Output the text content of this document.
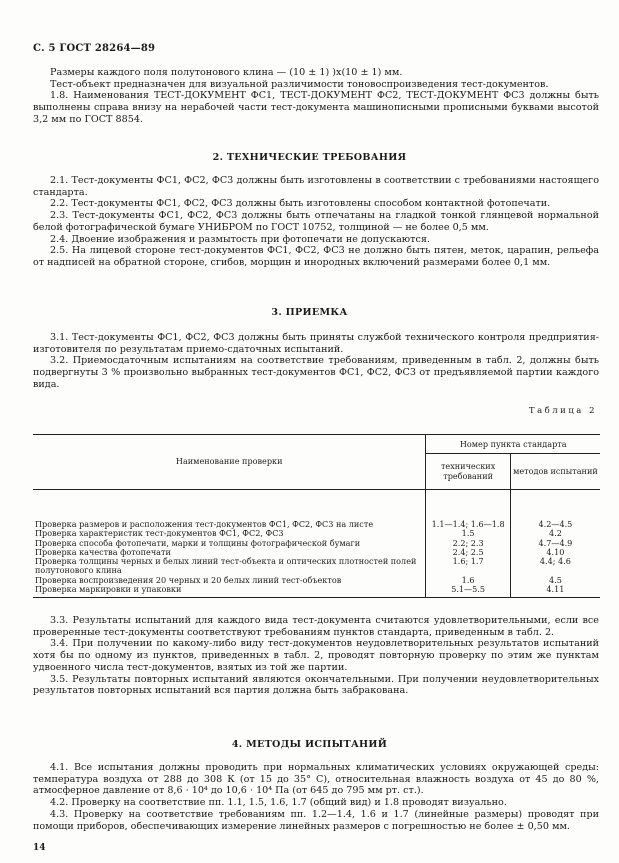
С. 5 ГОСТ 28264—89

Размеры каждого поля полутонового клина — (10 ± 1) )х(10 ± 1) мм.

Тест-объект предназначен для визуальной различимости тоновоспроизведения тест-документов.

1.8. Наименования ТЕСТ-ДОКУМЕНТ ФС1, ТЕСТ-ДОКУМЕНТ ФС2, ТЕСТ-ДОКУМЕНТ ФС3 должны быть выполнены справа внизу на нерабочей части тест-документа машинописными прописными буквами высотой 3,2 мм по ГОСТ 8854.

2. ТЕХНИЧЕСКИЕ ТРЕБОВАНИЯ

2.1. Тест-документы ФС1, ФС2, ФС3 должны быть изготовлены в соответствии с требованиями настоящего стандарта.

2.2. Тест-документы ФС1, ФС2, ФС3 должны быть изготовлены способом контактной фотопечати.

2.3. Тест-документы ФС1, ФС2, ФС3 должны быть отпечатаны на гладкой тонкой глянцевой нормальной белой фотографической бумаге УНИБРОМ по ГОСТ 10752, толщиной — не более 0,5 мм.

2.4. Двоение изображения и размытость при фотопечати не допускаются.

2.5. На лицевой стороне тест-документов ФС1, ФС2, ФС3 не должно быть пятен, меток, царапин, рельефа от надписей на обратной стороне, сгибов, морщин и инородных включений размерами более 0,1 мм.

3. ПРИЕМКА

3.1. Тест-документы ФС1, ФС2, ФС3 должны быть приняты службой технического контроля предприятия-изготовителя по результатам приемо-сдаточных испытаний.

3.2. Приемосдаточным испытаниям на соответствие требованиям, приведенным в табл. 2, должны быть подвергнуты 3 % произвольно выбранных тест-документов ФС1, ФС2, ФС3 от предъявляемой партии каждого вида.

Таблица 2
Наименование проверки	Номер пункта стандарта	
	технических требований	методов испытаний
Проверка размеров и расположения тест-документов ФС1, ФС2, ФС3 на листе	1.1—1.4; 1.6—1.8	4.2—4.5
Проверка характеристик тест-документов ФС1, ФС2, ФС3	1.5	4.2
Проверка способа фотопечати, марки и толщины фотографической бумаги	2.2; 2.3	4.7—4.9
Проверка качества фотопечати	2.4; 2.5	4.10
Проверка толщины черных и белых линий тест-объекта и оптических плотностей полей полутонового клина	1.6; 1.7	4.4; 4.6
Проверка воспроизведения 20 черных и 20 белых линий тест-объектов	1.6	4.5
Проверка маркировки и упаковки	5.1—5.5	4.11

3.3. Результаты испытаний для каждого вида тест-документа считаются удовлетворительными, если все проверенные тест-документы соответствуют требованиям пунктов стандарта, приведенным в табл. 2.

3.4. При получении по какому-либо виду тест-документов неудовлетворительных результатов испытаний хотя бы по одному из пунктов, приведенных в табл. 2, проводят повторную проверку по этим же пунктам удвоенного числа тест-документов, взятых из той же партии.

3.5. Результаты повторных испытаний являются окончательными. При получении неудовлетворительных результатов повторных испытаний вся партия должна быть забракована.

4. МЕТОДЫ ИСПЫТАНИЙ

4.1. Все испытания должны проводить при нормальных климатических условиях окружающей среды: температура воздуха от 288 до 308 К (от 15 до 35° С), относительная влажность воздуха от 45 до 80 %, атмосферное давление от 8,6 · 10⁴ до 10,6 · 10⁴ Па (от 645 до 795 мм рт. ст.).

4.2. Проверку на соответствие пп. 1.1, 1.5, 1.6, 1.7 (общий вид) и 1.8 проводят визуально.

4.3. Проверку на соответствие требованиям пп. 1.2—1.4, 1.6 и 1.7 (линейные размеры) проводят при помощи приборов, обеспечивающих измерение линейных размеров с погрешностью не более ± 0,50 мм.

14
